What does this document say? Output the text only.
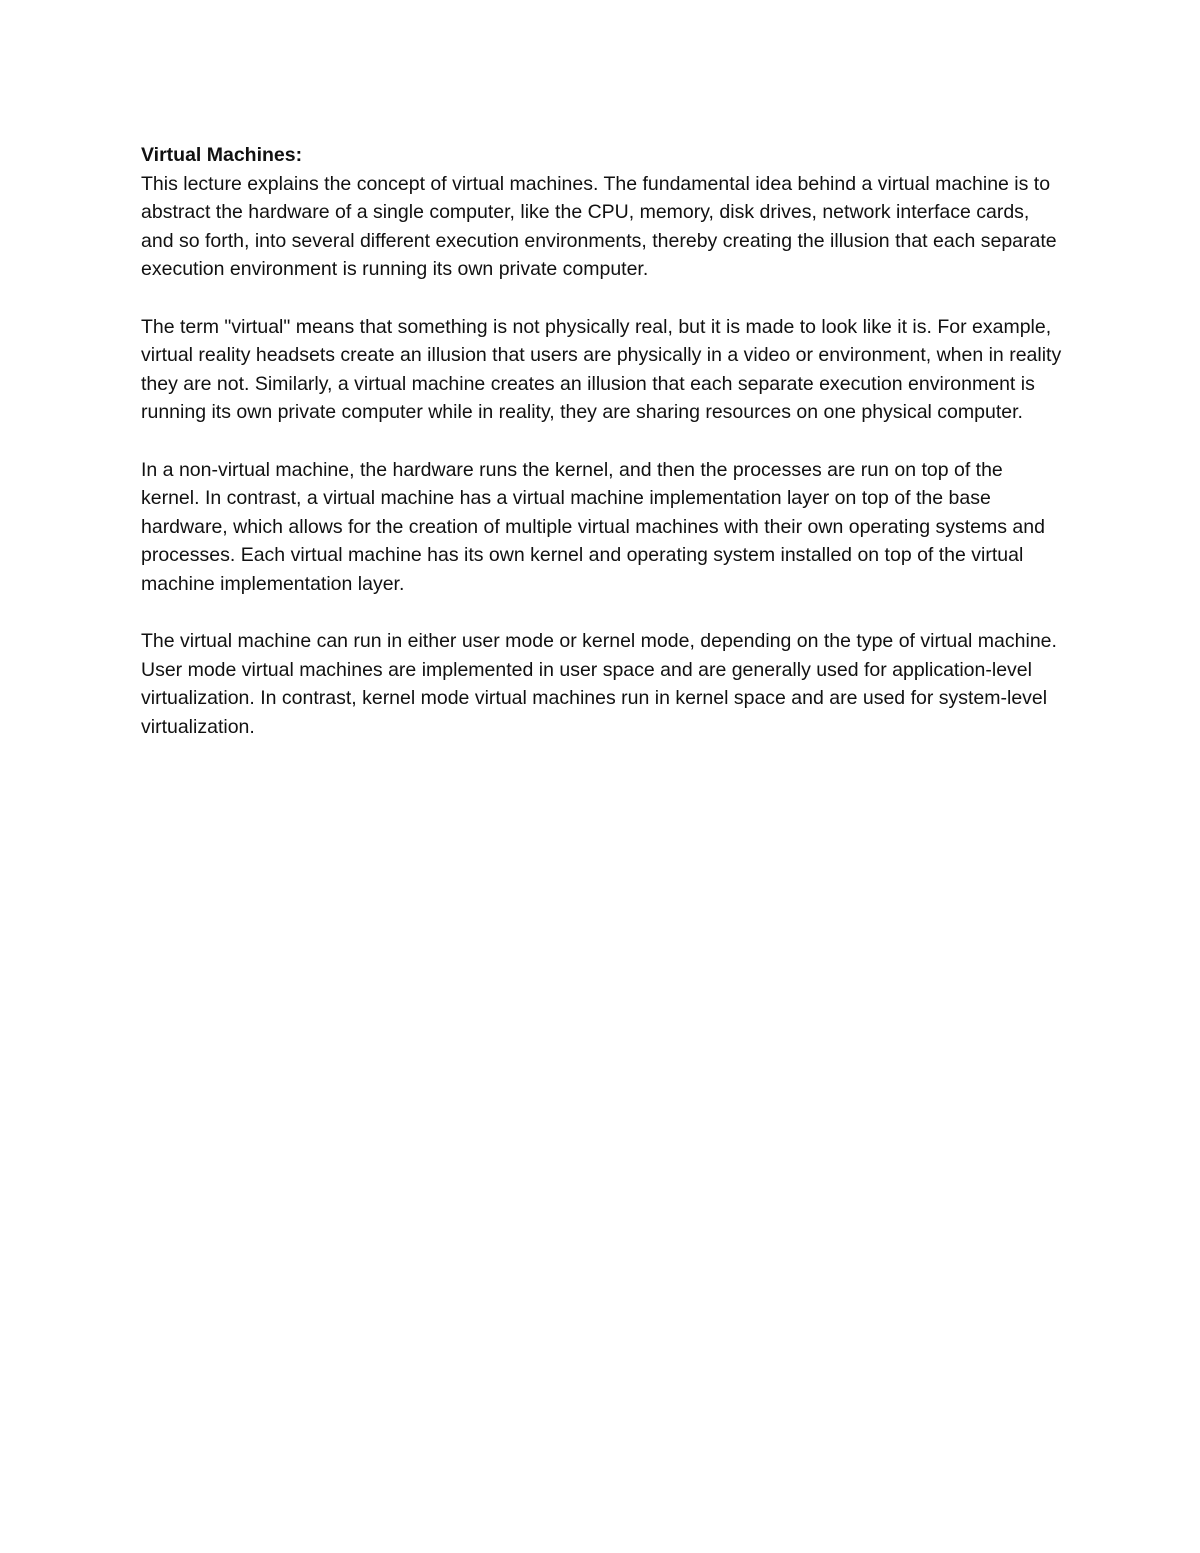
Virtual Machines:

This lecture explains the concept of virtual machines. The fundamental idea behind a virtual machine is to abstract the hardware of a single computer, like the CPU, memory, disk drives, network interface cards, and so forth, into several different execution environments, thereby creating the illusion that each separate execution environment is running its own private computer.

The term "virtual" means that something is not physically real, but it is made to look like it is. For example, virtual reality headsets create an illusion that users are physically in a video or environment, when in reality they are not. Similarly, a virtual machine creates an illusion that each separate execution environment is running its own private computer while in reality, they are sharing resources on one physical computer.

In a non-virtual machine, the hardware runs the kernel, and then the processes are run on top of the kernel. In contrast, a virtual machine has a virtual machine implementation layer on top of the base hardware, which allows for the creation of multiple virtual machines with their own operating systems and processes. Each virtual machine has its own kernel and operating system installed on top of the virtual machine implementation layer.

The virtual machine can run in either user mode or kernel mode, depending on the type of virtual machine. User mode virtual machines are implemented in user space and are generally used for application-level virtualization. In contrast, kernel mode virtual machines run in kernel space and are used for system-level virtualization.
